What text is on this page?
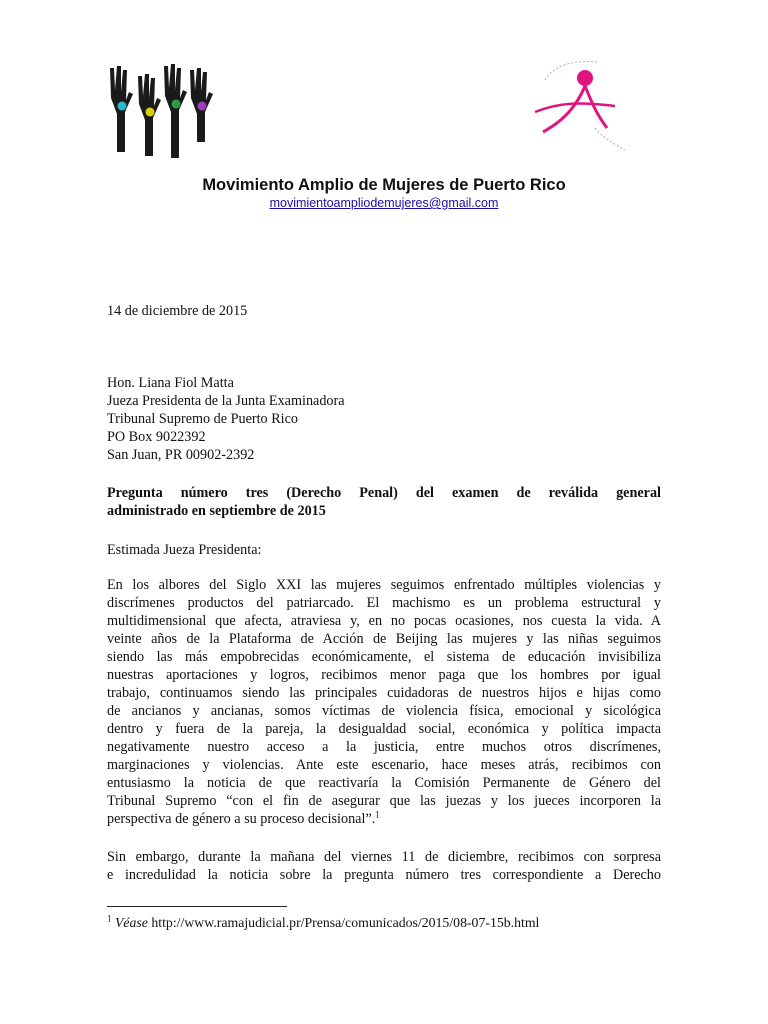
Movimiento Amplio de Mujeres de Puerto Rico
movimientoampliodemujeres@gmail.com
14 de diciembre de 2015
Hon. Liana Fiol Matta
Jueza Presidenta de la Junta Examinadora
Tribunal Supremo de Puerto Rico
PO Box 9022392
San Juan, PR 00902-2392
Pregunta número tres (Derecho Penal) del examen de reválida general
administrado en septiembre de 2015
Estimada Jueza Presidenta:
En los albores del Siglo XXI las mujeres seguimos enfrentado múltiples violencias y
discrímenes productos del patriarcado. El machismo es un problema estructural y
multidimensional que afecta, atraviesa y, en no pocas ocasiones, nos cuesta la vida. A
veinte años de la Plataforma de Acción de Beijing las mujeres y las niñas seguimos
siendo las más empobrecidas económicamente, el sistema de educación invisibiliza
nuestras aportaciones y logros, recibimos menor paga que los hombres por igual
trabajo, continuamos siendo las principales cuidadoras de nuestros hijos e hijas como
de ancianos y ancianas, somos víctimas de violencia física, emocional y sicológica
dentro y fuera de la pareja, la desigualdad social, económica y política impacta
negativamente nuestro acceso a la justicia, entre muchos otros discrímenes,
marginaciones y violencias. Ante este escenario, hace meses atrás, recibimos con
entusiasmo la noticia de que reactivaría la Comisión Permanente de Género del
Tribunal Supremo “con el fin de asegurar que las juezas y los jueces incorporen la
perspectiva de género a su proceso decisional”.$^1$
Sin embargo, durante la mañana del viernes 11 de diciembre, recibimos con sorpresa
e incredulidad la noticia sobre la pregunta número tres correspondiente a Derecho
$^1$ Véase http://www.ramajudicial.pr/Prensa/comunicados/2015/08-07-15b.html
